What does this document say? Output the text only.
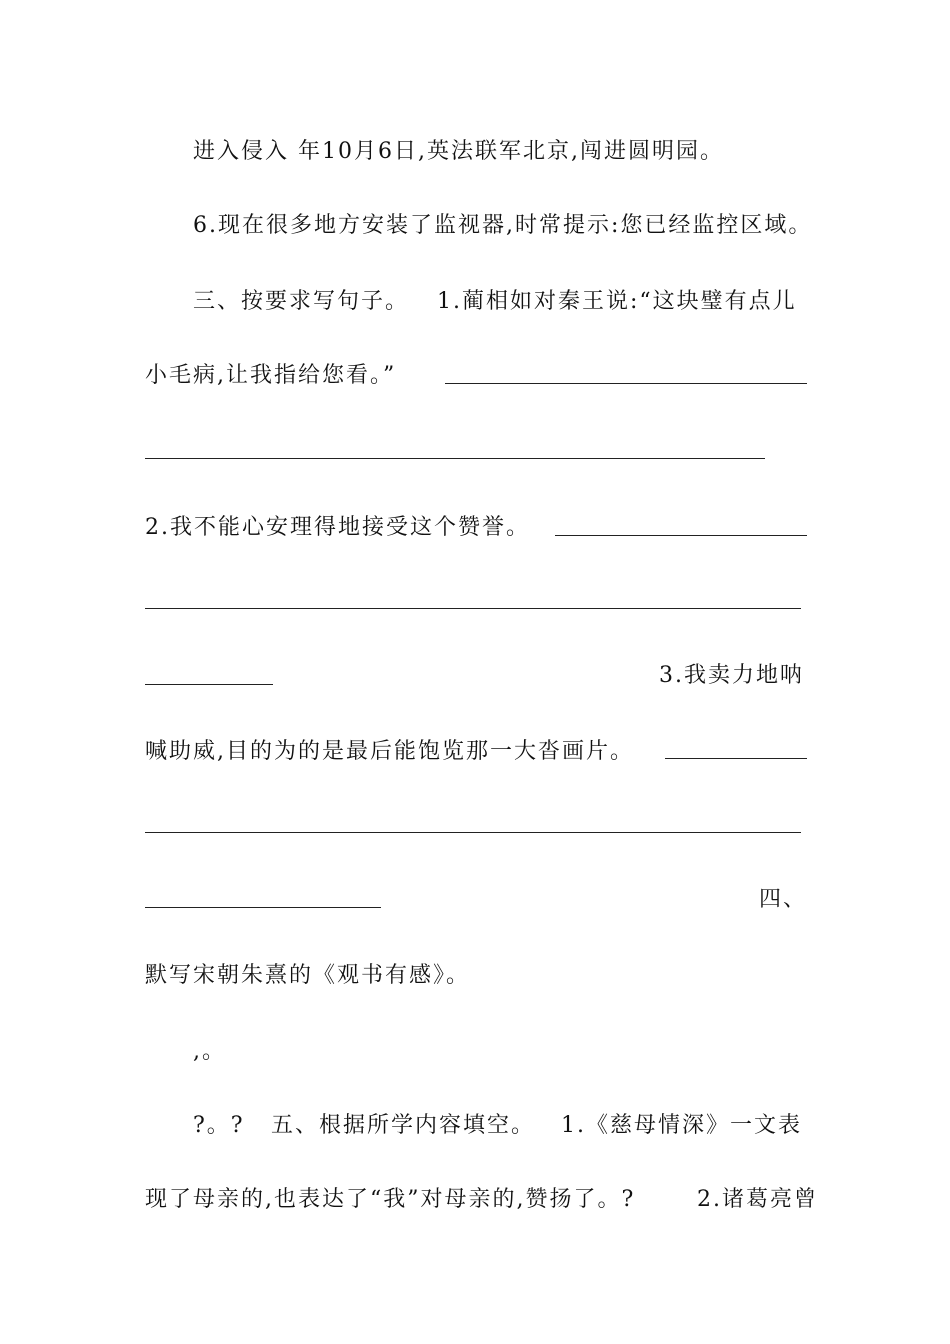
进入侵入 年10月6日,英法联军北京,闯进圆明园。
6.现在很多地方安装了监视器,时常提示:您已经监控区域。
三、按要求写句子。 1.蔺相如对秦王说:“这块璧有点儿
小毛病,让我指给您看。”
2.我不能心安理得地接受这个赞誉。
3.我卖力地呐
喊助威,目的为的是最后能饱览那一大沓画片。
四、
默写宋朝朱熹的《观书有感》。
,。
?。? 五、根据所学内容填空。 1.《慈母情深》一文表
现了母亲的,也表达了“我”对母亲的,赞扬了。?	2.诸葛亮曾
